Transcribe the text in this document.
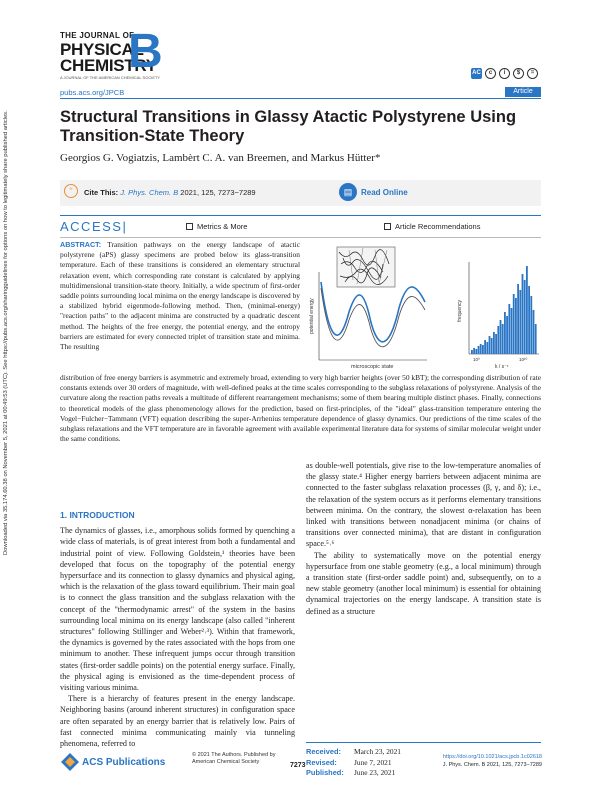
Downloaded via 35.174.60.38 on November 5, 2021 at 00:49:53 (UTC). See https://pubs.acs.org/sharingguidelines for options on how to legitimately share published articles.
THE JOURNAL OF
PHYSICAL
CHEMISTRY
A JOURNAL OF THE AMERICAN CHEMICAL SOCIETY
B	AC	c	i	$	=
pubs.acs.org/JPCB	Article
Structural Transitions in Glassy Atactic Polystyrene Using Transition-State Theory
Georgios G. Vogiatzis, Lambèrt C. A. van Breemen, and Markus Hütter*
“	Cite This: J. Phys. Chem. B 2021, 125, 7273−7289	▤	Read Online
ACCESS|	Metrics & More	Article Recommendations
ABSTRACT: Transition pathways on the energy landscape of atactic polystyrene (aPS) glassy specimens are probed below its glass-transition temperature. Each of these transitions is considered an elementary structural relaxation event, which corresponding rate constant is calculated by applying multidimensional transition-state theory. Initially, a wide spectrum of first-order saddle points surrounding local minima on the energy landscape is discovered by a stabilized hybrid eigenmode-following method. Then, (minimal-energy) "reaction paths" to the adjacent minima are constructed by a quadratic descent method. The heights of the free energy, the potential energy, and the entropy barriers are estimated for every connected triplet of transition state and minima. The resulting
potential energy
microscopic state
frequency
10⁰	10¹⁰
k / s⁻¹
distribution of free energy barriers is asymmetric and extremely broad, extending to very high barrier heights (over 50 kBT); the corresponding distribution of rate constants extends over 30 orders of magnitude, with well-defined peaks at the time scales corresponding to the subglass relaxations of polystyrene. Analysis of the curvature along the reaction paths reveals a multitude of different rearrangement mechanisms; some of them bearing multiple distinct phases. Finally, connections to theoretical models of the glass phenomenology allows for the prediction, based on first-principles, of the "ideal" glass-transition temperature entering the Vogel−Fulcher−Tammann (VFT) equation describing the super-Arrhenius temperature dependence of glassy dynamics. Our predictions of the time scales of the subglass relaxations and the VFT temperature are in favorable agreement with available experimental literature data for systems of similar molecular weight under the same conditions.
1. INTRODUCTION

The dynamics of glasses, i.e., amorphous solids formed by quenching a wide class of materials, is of great interest from both a fundamental and industrial point of view. Following Goldstein,¹ theories have been developed that focus on the topography of the potential energy hypersurface and its connection to glassy dynamics and physical aging, which is the relaxation of the glass toward equilibrium. Their main goal is to connect the glass transition and the subglass relaxation with the concept of the "thermodynamic arrest" of the system in the basins surrounding local minima on its energy landscape (also called "inherent structures" following Stillinger and Weber²˒³). Within that framework, the dynamics is governed by the rates associated with the hops from one minimum to another. These infrequent jumps occur through transition states (first-order saddle points) on the potential energy surface. Finally, the physical aging is envisioned as the time-dependent process of visiting various minima.

There is a hierarchy of features present in the energy landscape. Neighboring basins (around inherent structures) in configuration space are often separated by an energy barrier that is relatively low. Pairs of fast connected minima communicating mainly via tunneling phenomena, referred to

as double-well potentials, give rise to the low-temperature anomalies of the glassy state.⁴ Higher energy barriers between adjacent minima are connected to the faster subglass relaxation processes (β, γ, and δ); i.e., the relaxation of the system occurs as it performs elementary transitions between minima. On the contrary, the slowest α-relaxation has been linked with transitions between nonadjacent minima (or chains of transitions over connected minima), that are distant in configuration space.⁵˒⁶

The ability to systematically move on the potential energy hypersurface from one stable geometry (e.g., a local minimum) through a transition state (first-order saddle point) and, subsequently, on to a new stable geometry (another local minimum) is essential for obtaining dynamical trajectories on the energy landscape. A transition state is defined as a structure

Received: March 23, 2021
Revised: June 7, 2021
Published: June 23, 2021
ACS Publications
© 2021 The Authors. Published by American Chemical Society	7273
https://doi.org/10.1021/acs.jpcb.1c02618
J. Phys. Chem. B 2021, 125, 7273−7289
